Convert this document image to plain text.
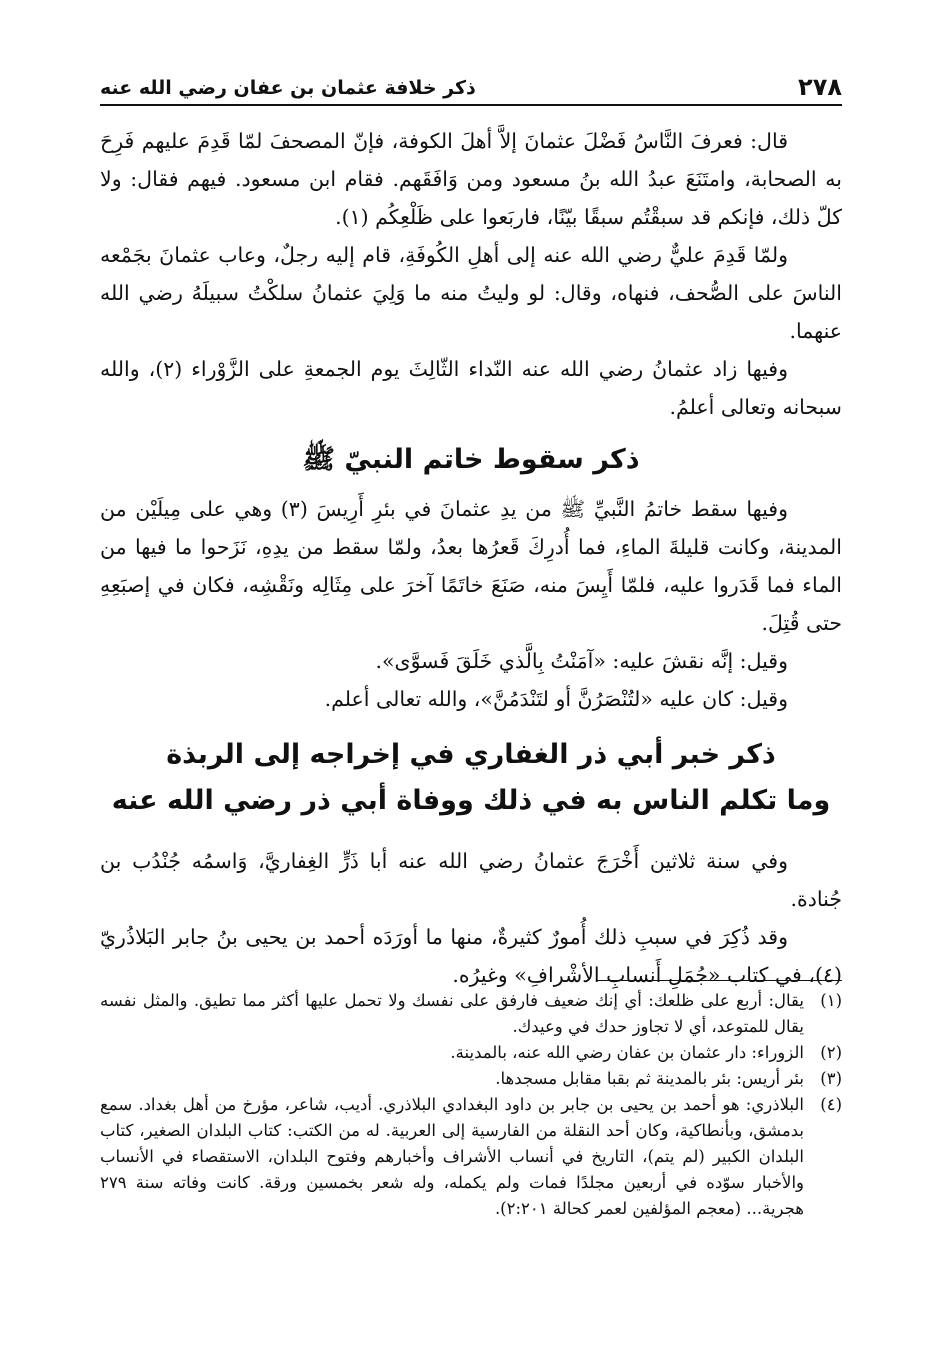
٢٧٨
ذكر خلافة عثمان بن عفان رضي الله عنه

قال: فعرفَ النَّاسُ فَضْلَ عثمانَ إلاَّ أهلَ الكوفة، فإنّ المصحفَ لمّا قَدِمَ عليهم فَرِحَ به الصحابة، وامتَنَعَ عبدُ الله بنُ مسعود ومن وَافَقَهم. فقام ابن مسعود. فيهم فقال: ولا كلّ ذلك، فإنكم قد سبقْتُم سبقًا بيّنًا، فاربَعوا على ظَلْعِكُم (١).

ولمّا قَدِمَ عليٌّ رضي الله عنه إلى أهلِ الكُوفَةِ، قام إليه رجلٌ، وعاب عثمانَ بجَمْعه الناسَ على الصُّحف، فنهاه، وقال: لو وليتُ منه ما وَلِيَ عثمانُ سلكْتُ سبيلَهُ رضي الله عنهما.

وفيها زاد عثمانُ رضي الله عنه النّداء الثّالِثَ يوم الجمعةِ على الزَّوْراء (٢)، والله سبحانه وتعالى أعلمُ.

ذكر سقوط خاتم النبيّ ﷺ

وفيها سقط خاتمُ النَّبيِّ ﷺ من يدِ عثمانَ في بئرِ أَرِيسَ (٣) وهي على مِيلَيْن من المدينة، وكانت قليلةَ الماءِ، فما أُدرِكَ قَعرُها بعدُ، ولمّا سقط من يدِهِ، نَزَحوا ما فيها من الماء فما قَدَروا عليه، فلمّا أَيِسَ منه، صَنَعَ خاتَمًا آخرَ على مِثَالِه ونَقْشِه، فكان في إصبَعِهِ حتى قُتِلَ.

وقيل: إنَّه نقشَ عليه: «آمَنْتُ بِالَّذي خَلَقَ فَسوَّى».

وقيل: كان عليه «لتُنْصَرُنَّ أو لتَنْدَمُنَّ»، والله تعالى أعلم.

ذكر خبر أبي ذر الغفاري في إخراجه إلى الربذة
وما تكلم الناس به في ذلك ووفاة أبي ذر رضي الله عنه

وفي سنة ثلاثين أَخْرَجَ عثمانُ رضي الله عنه أبا ذَرٍّ الغِفاريَّ، وَاسمُه جُنْدُب بن جُنادة.

وقد ذُكِرَ في سببِ ذلك أُمورٌ كثيرةٌ، منها ما أورَدَه أحمد بن يحيى بنُ جابر البَلاذُريّ (٤)، في كتاب «جُمَلِ أَنسابِ الأشْرافِ» وغيرُه.

(١)
يقال: أربع على ظلعك: أي إنك ضعيف فارفق على نفسك ولا تحمل عليها أكثر مما تطيق. والمثل نفسه يقال للمتوعد، أي لا تجاوز حدك في وعيدك.
(٢)
الزوراء: دار عثمان بن عفان رضي الله عنه، بالمدينة.
(٣)
بئر أريس: بئر بالمدينة ثم بقبا مقابل مسجدها.
(٤)
البلاذري: هو أحمد بن يحيى بن جابر بن داود البغدادي البلاذري. أديب، شاعر، مؤرخ من أهل بغداد. سمع بدمشق، وبأنطاكية، وكان أحد النقلة من الفارسية إلى العربية. له من الكتب: كتاب البلدان الصغير، كتاب البلدان الكبير (لم يتم)، التاريخ في أنساب الأشراف وأخبارهم وفتوح البلدان، الاستقصاء في الأنساب والأخبار سوّده في أربعين مجلدًا فمات ولم يكمله، وله شعر بخمسين ورقة. كانت وفاته سنة ٢٧٩ هجرية... (معجم المؤلفين لعمر كحالة ٢:٢٠١).
